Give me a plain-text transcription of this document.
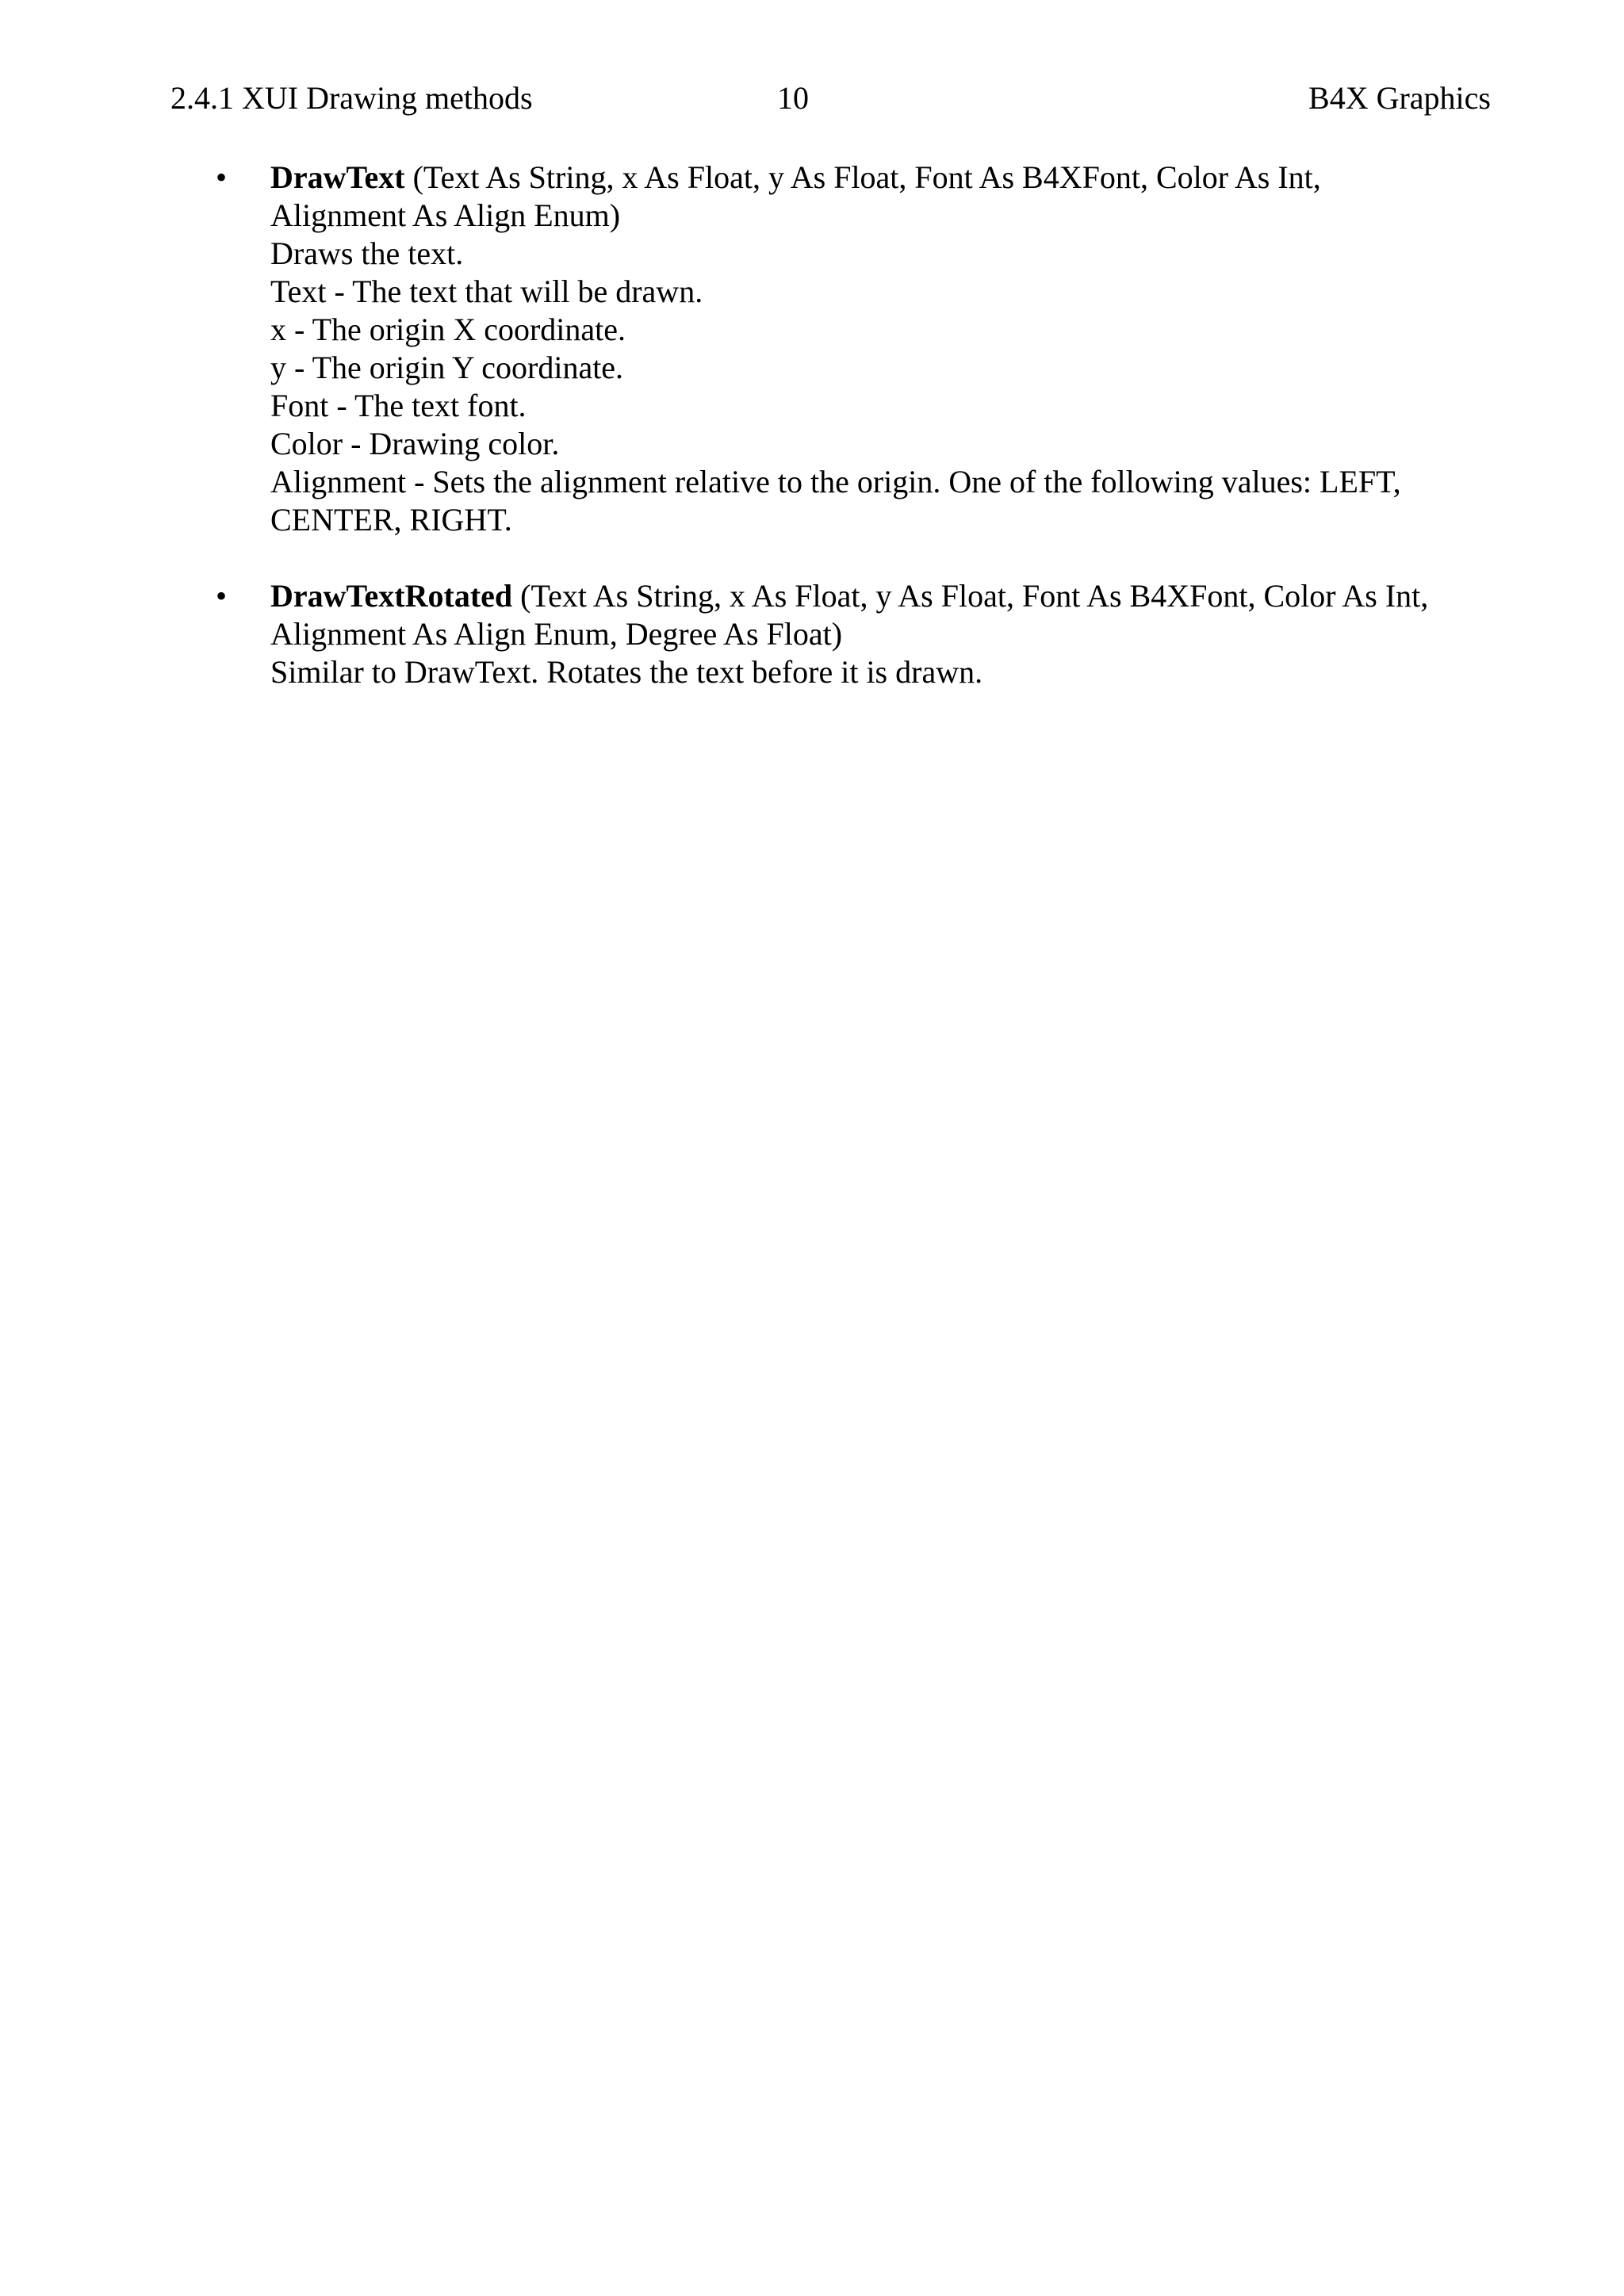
2.4.1 XUI Drawing methods	10	B4X Graphics
• DrawText (Text As String, x As Float, y As Float, Font As B4XFont, Color As Int,
Alignment As Align Enum)
Draws the text.
Text - The text that will be drawn.
x - The origin X coordinate.
y - The origin Y coordinate.
Font - The text font.
Color - Drawing color.
Alignment - Sets the alignment relative to the origin. One of the following values: LEFT,
CENTER, RIGHT.
• DrawTextRotated (Text As String, x As Float, y As Float, Font As B4XFont, Color As Int,
Alignment As Align Enum, Degree As Float)
Similar to DrawText. Rotates the text before it is drawn.
